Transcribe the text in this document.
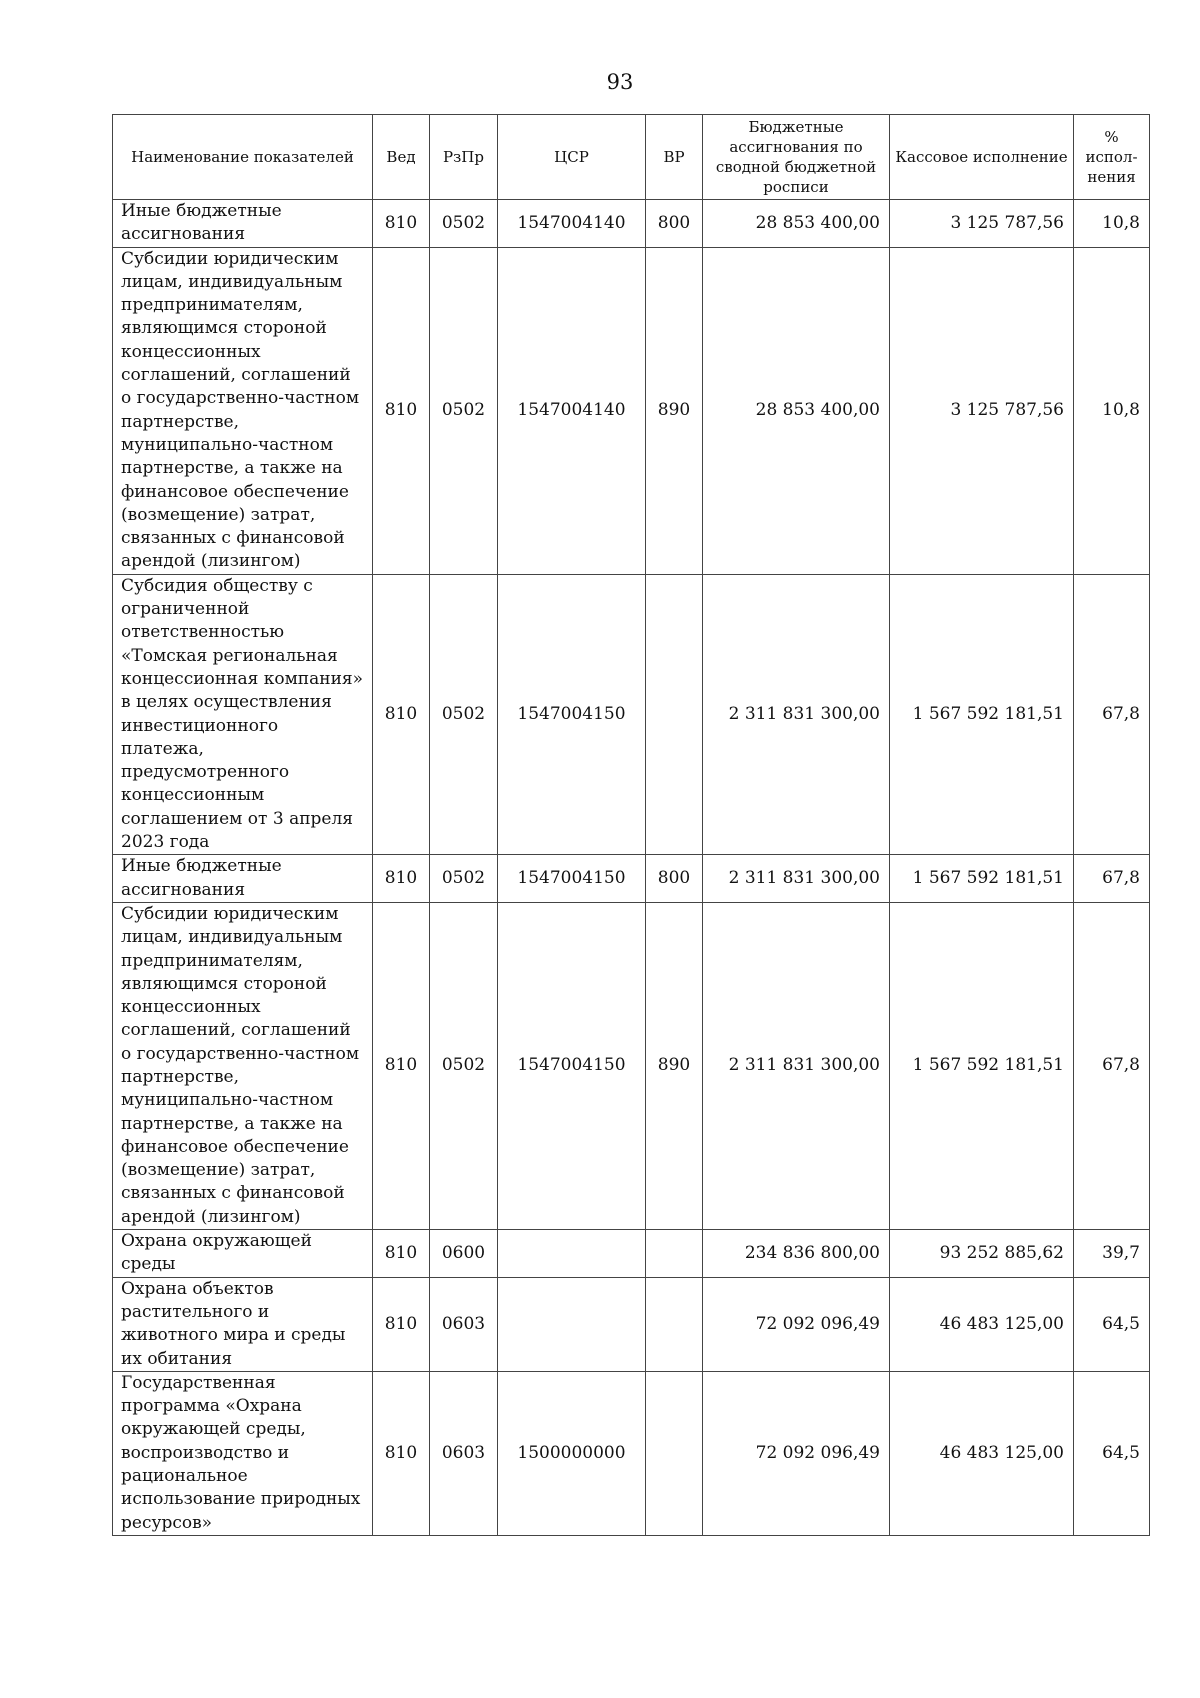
93
Наименование показателей	Вед	РзПр	ЦСР	ВР	Бюджетные ассигнования по сводной бюджетной росписи	Кассовое исполнение	% испол-нения
Иные бюджетные ассигнования	810	0502	1547004140	800	28 853 400,00	3 125 787,56	10,8
Субсидии юридическим лицам, индивидуальным предпринимателям, являющимся стороной концессионных соглашений, соглашений о государственно-частном партнерстве, муниципально-частном партнерстве, а также на финансовое обеспечение (возмещение) затрат, связанных с финансовой арендой (лизингом)	810	0502	1547004140	890	28 853 400,00	3 125 787,56	10,8
Субсидия обществу с ограниченной ответственностью «Томская региональная концессионная компания» в целях осуществления инвестиционного платежа, предусмотренного концессионным соглашением от 3 апреля 2023 года	810	0502	1547004150		2 311 831 300,00	1 567 592 181,51	67,8
Иные бюджетные ассигнования	810	0502	1547004150	800	2 311 831 300,00	1 567 592 181,51	67,8
Субсидии юридическим лицам, индивидуальным предпринимателям, являющимся стороной концессионных соглашений, соглашений о государственно-частном партнерстве, муниципально-частном партнерстве, а также на финансовое обеспечение (возмещение) затрат, связанных с финансовой арендой (лизингом)	810	0502	1547004150	890	2 311 831 300,00	1 567 592 181,51	67,8
Охрана окружающей среды	810	0600			234 836 800,00	93 252 885,62	39,7
Охрана объектов растительного и животного мира и среды их обитания	810	0603			72 092 096,49	46 483 125,00	64,5
Государственная программа «Охрана окружающей среды, воспроизводство и рациональное использование природных ресурсов»	810	0603	1500000000		72 092 096,49	46 483 125,00	64,5
